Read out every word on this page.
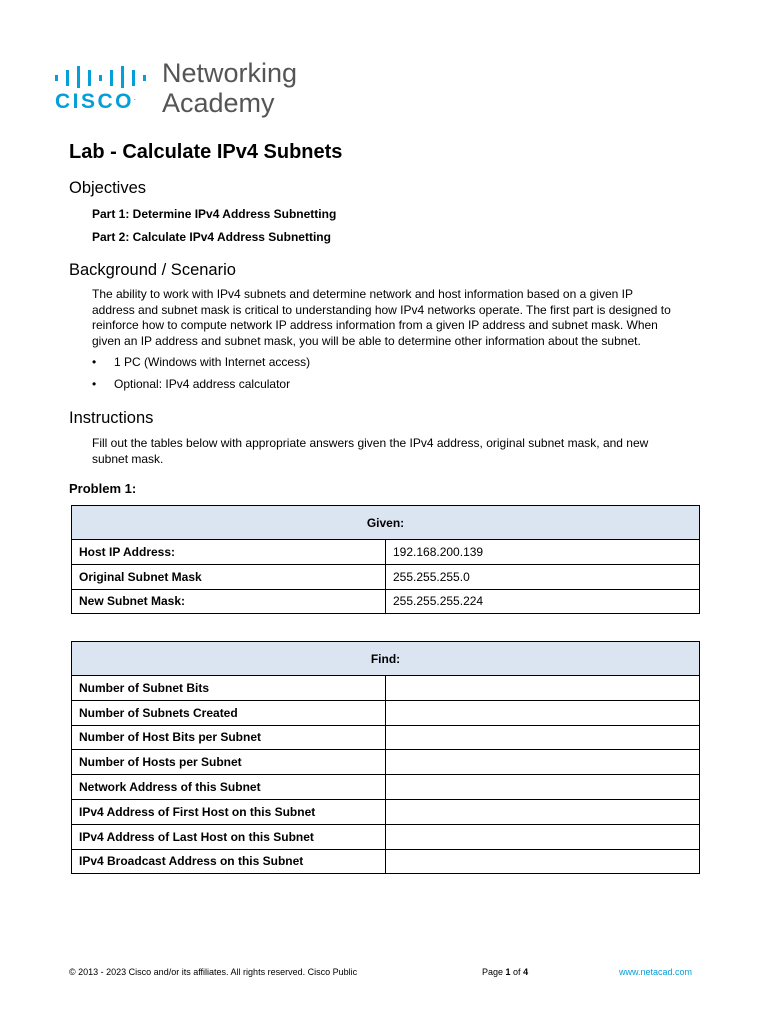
CISCO.
Networking
Academy
Lab - Calculate IPv4 Subnets
Objectives
Part 1: Determine IPv4 Address Subnetting
Part 2: Calculate IPv4 Address Subnetting
Background / Scenario
The ability to work with IPv4 subnets and determine network and host information based on a given IP
address and subnet mask is critical to understanding how IPv4 networks operate. The first part is designed to
reinforce how to compute network IP address information from a given IP address and subnet mask. When
given an IP address and subnet mask, you will be able to determine other information about the subnet.
• 1 PC (Windows with Internet access)
• Optional: IPv4 address calculator
Instructions
Fill out the tables below with appropriate answers given the IPv4 address, original subnet mask, and new
subnet mask.
Problem 1:
Given:	
Host IP Address:	192.168.200.139
Original Subnet Mask	255.255.255.0
New Subnet Mask:	255.255.255.224
Find:	
Number of Subnet Bits	
Number of Subnets Created	
Number of Host Bits per Subnet	
Number of Hosts per Subnet	
Network Address of this Subnet	
IPv4 Address of First Host on this Subnet	
IPv4 Address of Last Host on this Subnet	
IPv4 Broadcast Address on this Subnet	
© 2013 - 2023 Cisco and/or its affiliates. All rights reserved. Cisco Public	Page 1 of 4	www.netacad.com
